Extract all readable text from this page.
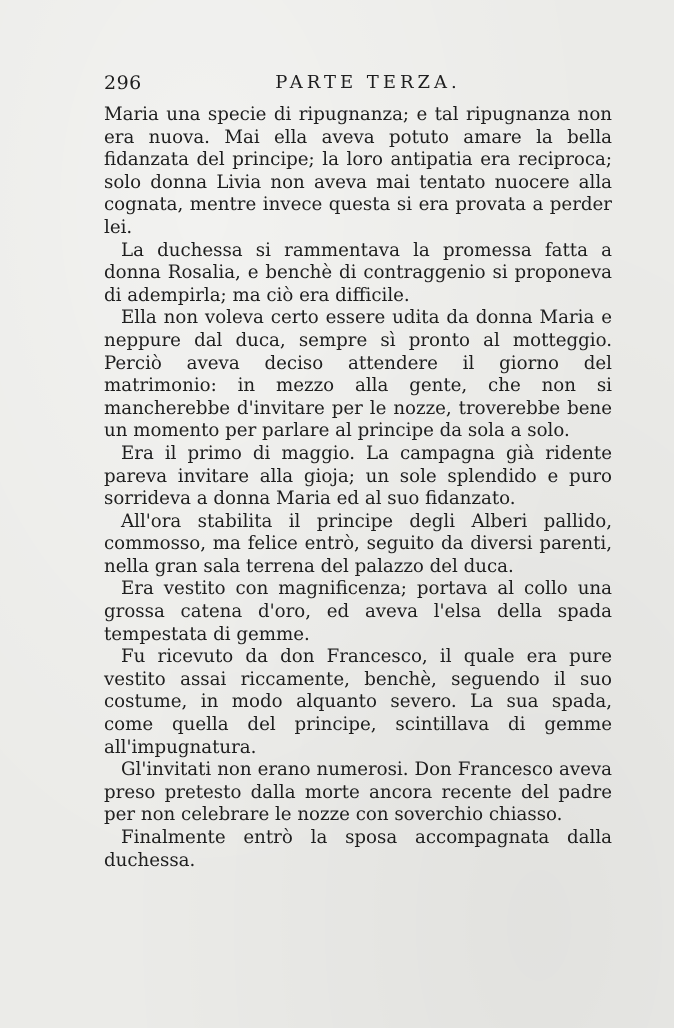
296	PARTE TERZA.

Maria una specie di ripugnanza; e tal ripugnanza non era nuova. Mai ella aveva potuto amare la bella fidanzata del principe; la loro antipatia era reciproca; solo donna Livia non aveva mai tentato nuocere alla cognata, mentre invece questa si era provata a perder lei.

La duchessa si rammentava la promessa fatta a donna Rosalia, e benchè di contraggenio si proponeva di adempirla; ma ciò era difficile.

Ella non voleva certo essere udita da donna Maria e neppure dal duca, sempre sì pronto al motteggio. Perciò aveva deciso attendere il giorno del matrimonio: in mezzo alla gente, che non si mancherebbe d'invitare per le nozze, troverebbe bene un momento per parlare al principe da sola a solo.

Era il primo di maggio. La campagna già ridente pareva invitare alla gioja; un sole splendido e puro sorrideva a donna Maria ed al suo fidanzato.

All'ora stabilita il principe degli Alberi pallido, commosso, ma felice entrò, seguito da diversi parenti, nella gran sala terrena del palazzo del duca.

Era vestito con magnificenza; portava al collo una grossa catena d'oro, ed aveva l'elsa della spada tempestata di gemme.

Fu ricevuto da don Francesco, il quale era pure vestito assai riccamente, benchè, seguendo il suo costume, in modo alquanto severo. La sua spada, come quella del principe, scintillava di gemme all'impugnatura.

Gl'invitati non erano numerosi. Don Francesco aveva preso pretesto dalla morte ancora recente del padre per non celebrare le nozze con soverchio chiasso.

Finalmente entrò la sposa accompagnata dalla duchessa.
